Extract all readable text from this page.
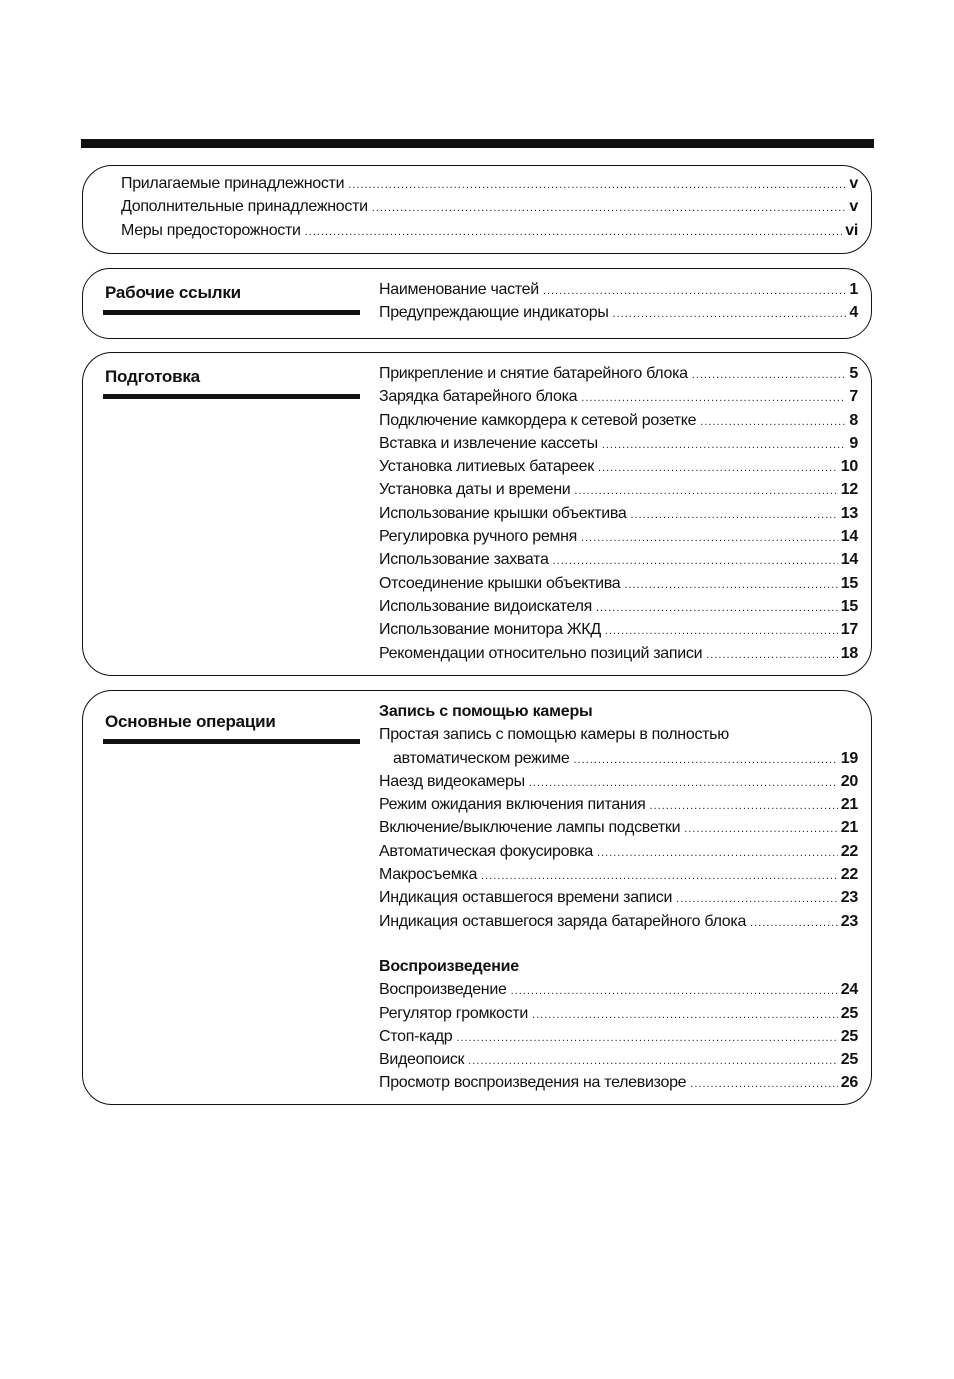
Прилагаемые принадлежности .....	v
Дополнительные принадлежности .....	v
Меры предосторожности .....	vi
Рабочие ссылки	Наименование частей .....	1
Предупреждающие индикаторы .....	4
Подготовка	Прикрепление и снятие батарейного блока .....	5
Зарядка батарейного блока .....	7
Подключение камкордера к сетевой розетке .....	8
Вставка и извлечение кассеты .....	9
Установка литиевых батареек .....	10
Установка даты и времени .....	12
Использование крышки объектива .....	13
Регулировка ручного ремня .....	14
Использование захвата .....	14
Отсоединение крышки объектива .....	15
Использование видоискателя .....	15
Использование монитора ЖКД .....	17
Рекомендации относительно позиций записи .....	18
Основные операции
Запись с помощью камеры
Простая запись с помощью камеры в полностью
автоматическом режиме .....	19
Наезд видеокамеры .....	20
Режим ожидания включения питания .....	21
Включение/выключение лампы подсветки .....	21
Автоматическая фокусировка .....	22
Макросъемка .....	22
Индикация оставшегося времени записи .....	23
Индикация оставшегося заряда батарейного блока .....	23
Воспроизведение
Воспроизведение .....	24
Регулятор громкости .....	25
Стоп-кадр .....	25
Видеопоиск .....	25
Просмотр воспроизведения на телевизоре .....	26
